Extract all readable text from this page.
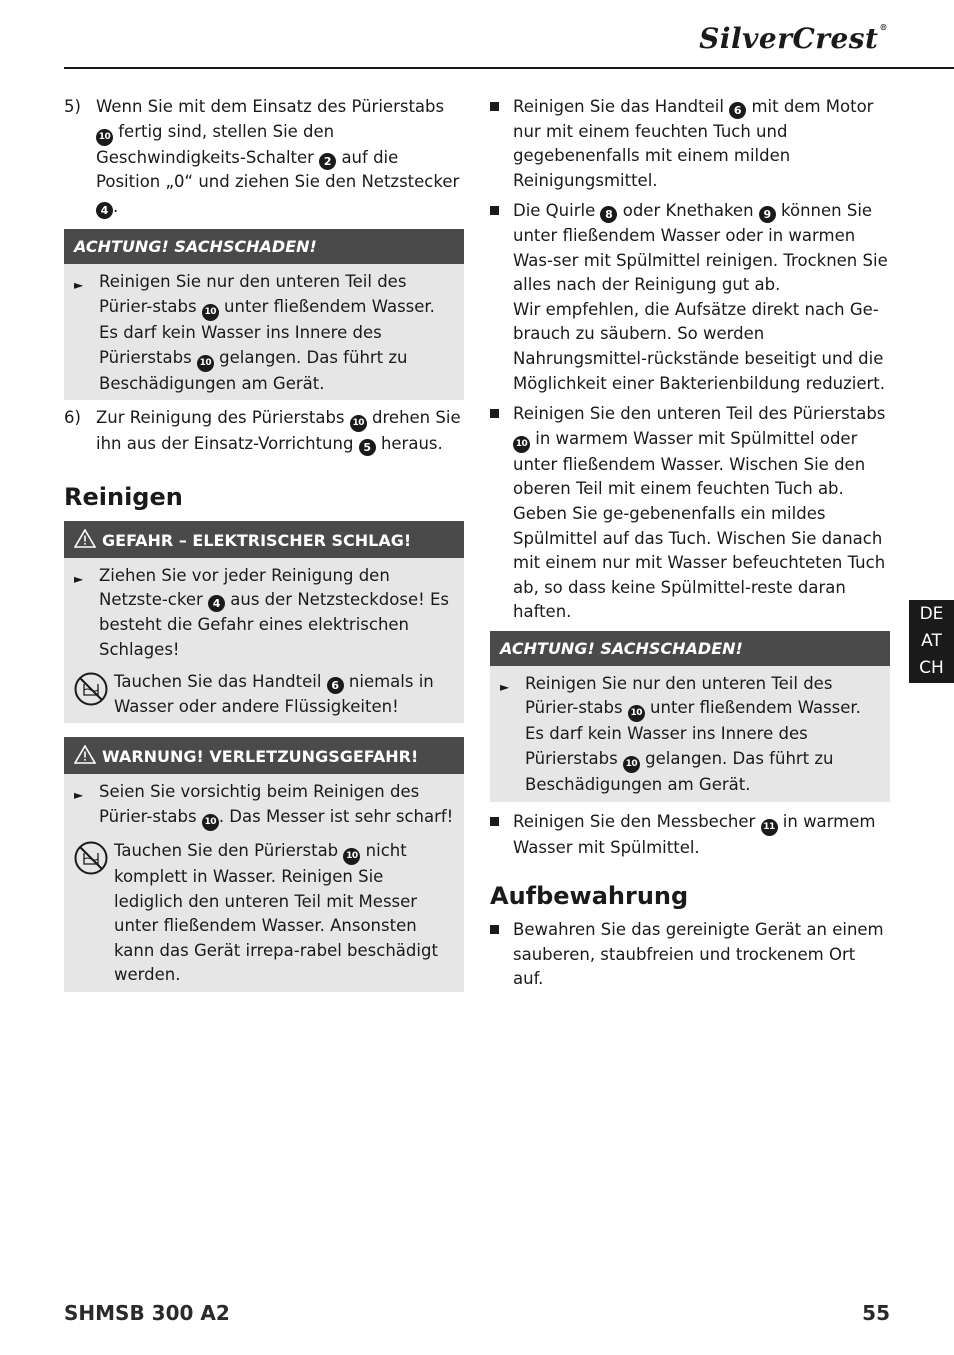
SilverCrest®
5) Wenn Sie mit dem Einsatz des Pürierstabs 10 fertig sind, stellen Sie den Geschwindigkeits-Schalter 2 auf die Position „0“ und ziehen Sie den Netzstecker 4 .
ACHTUNG! SACHSCHADEN!
► Reinigen Sie nur den unteren Teil des Pürier-stabs 10 unter fließendem Wasser. Es darf kein Wasser ins Innere des Pürierstabs 10 gelangen. Das führt zu Beschädigungen am Gerät.
6) Zur Reinigung des Pürierstabs 10 drehen Sie ihn aus der Einsatz-Vorrichtung 5 heraus.
Reinigen
GEFAHR – ELEKTRISCHER SCHLAG!
► Ziehen Sie vor jeder Reinigung den Netzste-cker 4 aus der Netzsteckdose! Es besteht die Gefahr eines elektrischen Schlages!
Tauchen Sie das Handteil 6 niemals in Wasser oder andere Flüssigkeiten!
WARNUNG! VERLETZUNGSGEFAHR!
► Seien Sie vorsichtig beim Reinigen des Pürier-stabs 10 . Das Messer ist sehr scharf!
Tauchen Sie den Pürierstab 10 nicht komplett in Wasser. Reinigen Sie lediglich den unteren Teil mit Messer unter fließendem Wasser. Ansonsten kann das Gerät irrepa-rabel beschädigt werden.
Reinigen Sie das Handteil 6 mit dem Motor nur mit einem feuchten Tuch und gegebenenfalls mit einem milden Reinigungsmittel.
Die Quirle 8 oder Knethaken 9 können Sie unter fließendem Wasser oder in warmen Was-ser mit Spülmittel reinigen. Trocknen Sie alles nach der Reinigung gut ab.
Wir empfehlen, die Aufsätze direkt nach Ge-brauch zu säubern. So werden Nahrungsmittel-rückstände beseitigt und die Möglichkeit einer Bakterienbildung reduziert.
Reinigen Sie den unteren Teil des Pürierstabs 10 in warmem Wasser mit Spülmittel oder unter fließendem Wasser. Wischen Sie den oberen Teil mit einem feuchten Tuch ab. Geben Sie ge-gebenenfalls ein mildes Spülmittel auf das Tuch. Wischen Sie danach mit einem nur mit Wasser befeuchteten Tuch ab, so dass keine Spülmittel-reste daran haften.
ACHTUNG! SACHSCHADEN!
► Reinigen Sie nur den unteren Teil des Pürier-stabs 10 unter fließendem Wasser. Es darf kein Wasser ins Innere des Pürierstabs 10 gelangen. Das führt zu Beschädigungen am Gerät.
Reinigen Sie den Messbecher 11 in warmem Wasser mit Spülmittel.
Aufbewahrung
Bewahren Sie das gereinigte Gerät an einem sauberen, staubfreien und trockenem Ort auf.
DE
AT
CH
SHMSB 300 A2	55
